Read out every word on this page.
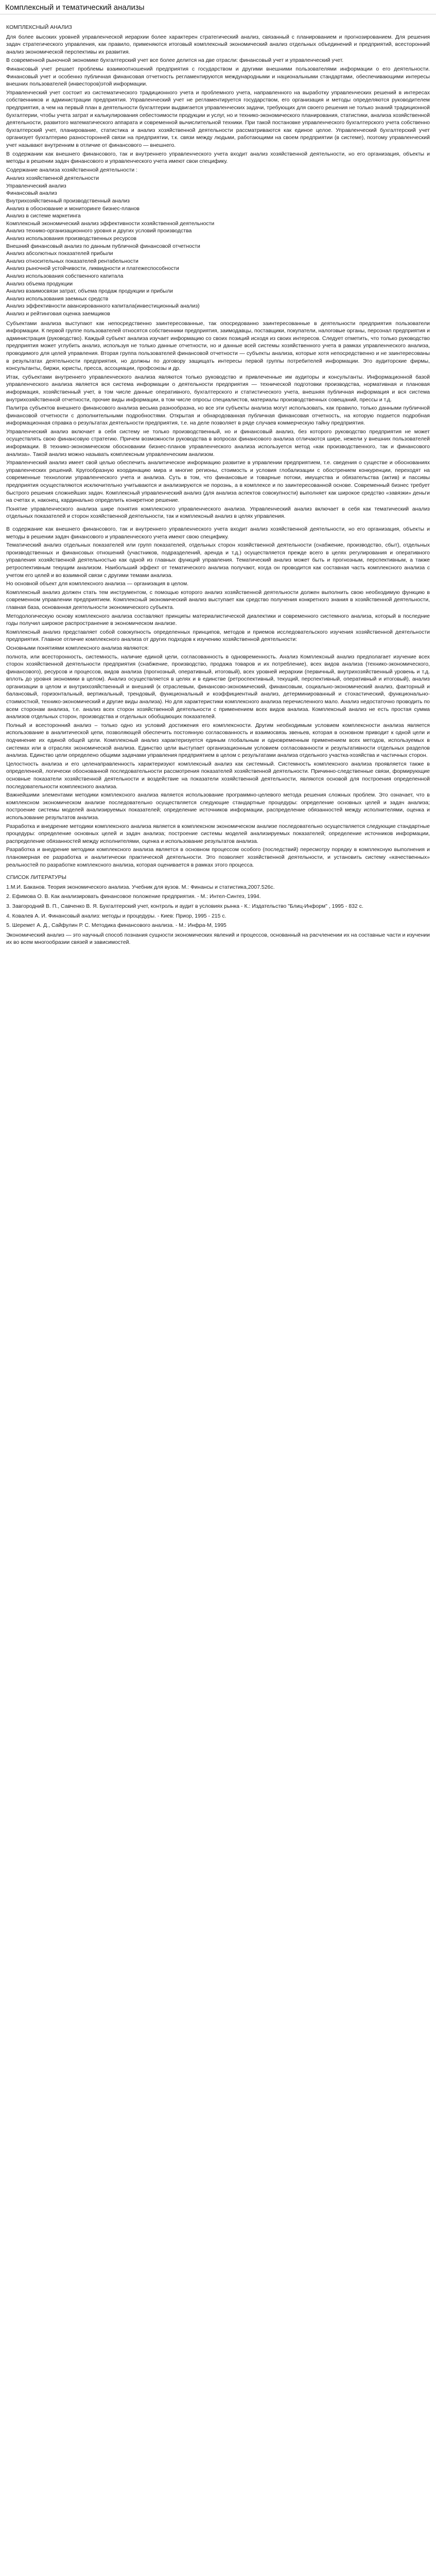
Комплексный и тематический анализы

КОМПЛЕКСНЫЙ АНАЛИЗ

Для более высоких уровней управленческой иерархии более характерен стратегический анализ, связанный с планированием и прогнозированием. Для решения задач стратегического управления, как правило, применяются итоговый комплексный экономический анализ отдельных объединений и предприятий, всесторонний анализ экономической перспективы их развития.

В современной рыночной экономике бухгалтерский учет все более делится на две отрасли: финансовый учет и управленческий учет.

Финансовый учет решает проблемы взаимоотношений предприятия с государством и другими внешними пользователями информации о его деятельности. Финансовый учет и особенно публичная финансовая отчетность регламентируются международными и национальными стандартами, обеспечивающими интересы внешних пользователей (инвесторов)этой информации.

Управленческий учет состоит из систематического традиционного учета и проблемного учета, направленного на выработку управленческих решений в интересах собственников и администрации предприятия. Управленческий учет не регламентируется государством, его организация и методы определяются руководителем предприятия, а чем на первый план в деятельности бухгалтерии выдвигается управленческих задачи, требующих для своего решения не только знаний традиционной бухгалтерии, чтобы учета затрат и калькулирования себестоимости продукции и услуг, но и технико-экономического планирования, статистики, анализа хозяйственной деятельности, развитого математического аппарата и современной вычислительной техники. При такой постановке управленческого бухгалтерского учета собственно бухгалтерский учет, планирование, статистика и анализ хозяйственной деятельности рассматриваются как единое целое. Управленческий бухгалтерский учет организует бухгалтерию разносторонней связи на предприятии, т.к. связи между людьми, работающими на своем предприятии (в системе), поэтому управленческий учет называют внутренним в отличие от финансового — внешнего.

В содержании как внешнего финансового, так и внутреннего управленческого учета входит анализ хозяйственной деятельности, но его организация, объекты и методы в решении задач финансового и управленческого учета имеют свои специфику.

Содержание анализа хозяйственной деятельности :

Анализ хозяйственной деятельности
Управленческий анализ
Финансовый анализ
Внутрихозяйственный производственный анализ
Анализ в обоснование и мониторинге бизнес-планов
Анализ в системе маркетинга
Комплексный экономический анализ эффективности хозяйственной деятельности
Анализ технико-организационного уровня и других условий производства
Анализ использования производственных ресурсов
Внешний финансовый анализ по данным публичной финансовой отчетности
Анализ абсолютных показателей прибыли
Анализ относительных показателей рентабельности
Анализ рыночной устойчивости, ликвидности и платежеспособности
Анализ использования собственного капитала
Анализ объема продукции
Анализ взаимосвязи затрат, объема продаж продукции и прибыли
Анализ использования заемных средств
Анализ эффективности авансированного капитала(инвестиционный анализ)
Анализ и рейтинговая оценка заемщиков

Субъектами анализа выступают как непосредственно заинтересованные, так опосредованно заинтересованные в деятельности предприятия пользователи информации. К первой группе пользователей относятся собственники предприятия, заимодавцы, поставщики, покупатели, налоговые органы, персонал предприятия и администрация (руководство). Каждый субъект анализа изучает информацию со своих позиций исходя из своих интересов. Следует отметить, что только руководство предприятия может углубить анализ, используя не только данные отчетности, но и данные всей системы хозяйственного учета в рамках управленческого анализа, проводимого для целей управления. Вторая группа пользователей финансовой отчетности — субъекты анализа, которые хотя непосредственно и не заинтересованы в результатах деятельности предприятия, но должны по договору защищать интересы первой группы потребителей информации. Это аудиторские фирмы, консультанты, биржи, юристы, пресса, ассоциации, профсоюзы и др.

Итак, субъектами внутреннего управленческого анализа являются только руководство и привлеченные им аудиторы и консультанты. Информационной базой управленческого анализа является вся система информации о деятельности предприятия — технической подготовки производства, нормативная и плановая информация, хозяйственный учет, в том числе данные оперативного, бухгалтерского и статистического учета, внешняя публичная информация и вся система внутрихозяйственной отчетности, прочие виды информации, в том числе опросы специалистов, материалы производственных совещаний, прессы и т.д.

Палитра субъектов внешнего финансового анализа весьма разнообразна, но все эти субъекты анализа могут использовать, как правило, только данными публичной финансовой отчетности с дополнительными подробностями. Открытая и обнародованная публичная финансовая отчетность, на которую подается подробная информационная справка о результатах деятельности предприятия, т.е. на деле позволяет в ряде случаев коммерческую тайну предприятия.

Управленческий анализ включает в себя систему не только производственный, но и финансовый анализ, без которого руководство предприятия не может осуществлять свою финансовую стратегию. Причем возможности руководства в вопросах финансового анализа отличаются шире, нежели у внешних пользователей информации. В технико-экономическом обосновании бизнес-планов управленческого анализа используется метод «как производственного, так и финансового анализа». Такой анализ можно называть комплексным управленческим анализом.

Управленческий анализ имеет свой целью обеспечить аналитическое информацию развитие в управлении предприятием, т.е. сведения о существе и обоснованиях управленческих решений. Кругообразную координацию мира и многие регионы, стоимость и условия глобализации с обострением конкуренции, переходят на современные технологии управленческого учета и анализа. Суть в том, что финансовые и товарные потоки, имущества и обязательства (актив) и пассивы предприятия осуществляются исключительно учитываются и анализируются не порознь, а в комплексе и по заинтересованной основе. Современный бизнес требует быстрого решения сложнейших задач. Комплексный управленческий анализ (для анализа аспектов совокупности) выполняет как широкое средство «завязки» деньги на счетах и, наконец, кардинально определить конкретное решение.

Понятие управленческого анализа шире понятия комплексного управленческого анализа. Управленческий анализ включает в себя как тематический анализ отдельных показателей и сторон хозяйственной деятельности, так и комплексный анализ в целях управления.

В содержание как внешнего финансового, так и внутреннего управленческого учета входит анализ хозяйственной деятельности, но его организация, объекты и методы в решении задач финансового и управленческого учета имеют свою специфику.

Тематический анализ отдельных показателей или групп показателей, отдельных сторон хозяйственной деятельности (снабжение, производство, сбыт), отдельных производственных и финансовых отношений (участников, подразделений, аренда и т.д.) осуществляется прежде всего в целях регулирования и оперативного управления хозяйственной деятельностью как одной из главных функций управления. Тематический анализ может быть и прогнозным, перспективным, а также ретроспективным текущим анализом. Наибольший эффект от тематического анализа получают, когда он проводится как составная часть комплексного анализа с учетом его целей и во взаимной связи с другими темами анализа.

Но основной объект для комплексного анализа — организация в целом.

Комплексный анализ должен стать тем инструментом, с помощью которого анализ хозяйственной деятельности должен выполнить свою необходимую функцию в современном управлении предприятием. Комплексный экономический анализ выступает как средство получения конкретного знания в хозяйственной деятельности, главная база, основанная деятельности экономического субъекта.

Методологическую основу комплексного анализа составляют принципы материалистической диалектики и современного системного анализа, который в последние годы получил широкое распространение в экономическом анализе.

Комплексный анализ представляет собой совокупность определенных принципов, методов и приемов исследовательского изучения хозяйственной деятельности предприятия. Главное отличие комплексного анализа от других подходов к изучению хозяйственной деятельности:

Основными понятиями комплексного анализа являются:

полнота, или всесторонность, системность, наличие единой цели, согласованность в одновременность. Анализ Комплексный анализ предполагает изучение всех сторон хозяйственной деятельности предприятия (снабжение, производство, продажа товаров и их потребление), всех видов анализа (технико-экономического, финансового), ресурсов и процессов, видов анализа (прогнозный, оперативный, итоговый), всех уровней иерархии (первичный, внутрихозяйственный уровень и т.д. вплоть до уровня экономики в целом). Анализ осуществляется в целях и в единстве (ретроспективный, текущий, перспективный, оперативный и итоговый), анализ организации в целом и внутрихозяйственный и внешний (к отраслевым, финансово-экономический, финансовым, социально-экономический анализ, факторный и балансовый, горизонтальный, вертикальный, трендовый, функциональный и коэффициентный анализ, детерминированный и стохастический, функционально-стоимостной, технико-экономический и другие виды анализа). Но для характеристики комплексного анализа перечисленного мало. Анализ недостаточно проводить по всем сторонам анализа, т.е. анализ всех сторон хозяйственной деятельности с применением всех видов анализа. Комплексный анализ не есть простая сумма анализов отдельных сторон, производства и отдельных обобщающих показателей.

Полный и всесторонний анализ – только одно из условий достижения его комплексности. Другим необходимым условием комплексности анализа является использование в аналитической цепи, позволяющей обеспечить постоянную согласованность и взаимосвязь звеньев, которая в основном приводит к одной цели и подчинение их единой общей цели. Комплексный анализ характеризуется единым глобальным и одновременным применением всех методов, используемых в системах или в отраслях экономической анализа. Единство цели выступает организационным условием согласованности и результативности отдельных разделов анализа. Единство цели определено общими задачами управления предприятием в целом с результатами анализа отдельного участка-хозяйства и частичных сторон.

Целостность анализа и его целенаправленность характеризуют комплексный анализ как системный. Системность комплексного анализа проявляется также в определенной, логически обоснованной последовательности рассмотрения показателей хозяйственной деятельности. Причинно-следственные связи, формирующие основные показатели хозяйственной деятельности и воздействие на показатели хозяйственной деятельности, являются основой для построения определенной последовательности комплексного анализа.

Важнейшими элементами методики комплексного анализа является использование программно-целевого метода решения сложных проблем. Это означает, что в комплексном экономическом анализе последовательно осуществляется следующие стандартные процедуры: определение основных целей и задач анализа; построение системы моделей анализируемых показателей; определение источников информации, распределение обязанностей между исполнителями, оценка и использование результатов анализа.

Разработка и внедрение методики комплексного анализа является в комплексном экономическом анализе последовательно осуществляется следующие стандартные процедуры: определение основных целей и задач анализа; построение системы моделей анализируемых показателей; определение источников информации, распределение обязанностей между исполнителями, оценка и использование результатов анализа.

Разработка и внедрение методики комплексного анализа является в основном процессом особого (последствий) пересмотру порядку в комплексную выполнения и планомерная ее разработка и аналитически практической деятельности. Это позволяет хозяйственной деятельности, и установить систему «качественных» реальностей по разработке комплексного анализа, которая оценивается в рамках этого процесса.

СПИСОК ЛИТЕРАТУРЫ

1.М.И. Баканов. Теория экономического анализа. Учебник для вузов. М.: Финансы и статистика,2007.526с.

2. Ефимова О. В. Как анализировать финансовое положение предприятия. - М.: Интел-Синтез, 1994.

3. Завгородний В. П., Савченко В. Я. Бухгалтерский учет, контроль и аудит в условиях рынка - К.: Издательство "Блиц-Информ" , 1995 - 832 с.

4. Ковалев А. И. Финансовый анализ: методы и процедуры. - Киев: Приор, 1995 - 215 с.

5. Шеремет А. Д., Сайфулин Р. С. Методика финансового анализа. - М.: Инфра-М, 1995

Экономический анализ — это научный способ познания сущности экономических явлений и процессов, основанный на расчленении их на составные части и изучении их во всем многообразии связей и зависимостей.
